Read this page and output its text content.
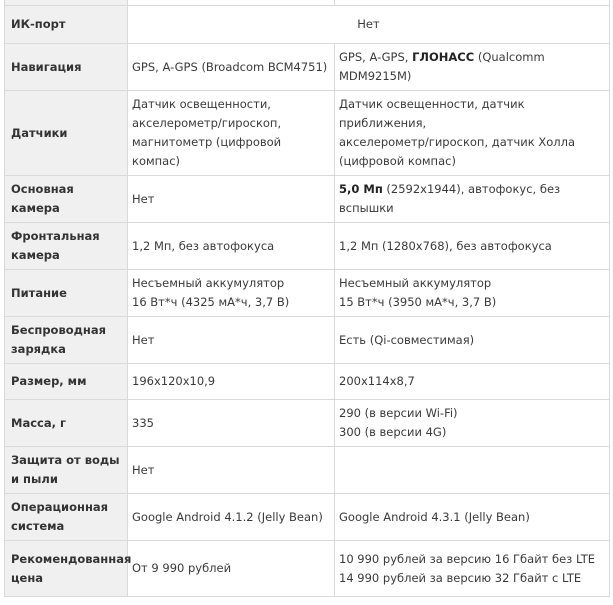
ИК-порт	Нет	
Навигация	GPS, A-GPS (Broadcom BCM4751)	GPS, A-GPS, ГЛОНАСС (Qualcomm
MDM9215M)

Датчики	Датчик освещенности,
акселерометр/гироскоп,
магнитометр (цифровой компас)	Датчик освещенности, датчик приближения,
акселерометр/гироскоп, датчик Холла
(цифровой компас)

Основная камера	Нет	5,0 Мп (2592x1944), автофокус, без
вспышки

Фронтальная камера	1,2 Мп, без автофокуса	1,2 Мп (1280x768), без автофокуса

Питание	Несъемный аккумулятор
16 Вт*ч (4325 мА*ч, 3,7 В)	Несъемный аккумулятор
15 Вт*ч (3950 мА*ч, 3,7 В)

Беспроводная зарядка	Нет	Есть (Qi-совместимая)

Размер, мм	196x120x10,9	200x114x8,7

Масса, г	335	290 (в версии Wi-Fi)
300 (в версии 4G)

Защита от воды и пыли	Нет	

Операционная система	Google Android 4.1.2 (Jelly Bean)	Google Android 4.3.1 (Jelly Bean)

Рекомендованная цена	От 9 990 рублей	10 990 рублей за версию 16 Гбайт без LTE
14 990 рублей за версию 32 Гбайт с LTE
